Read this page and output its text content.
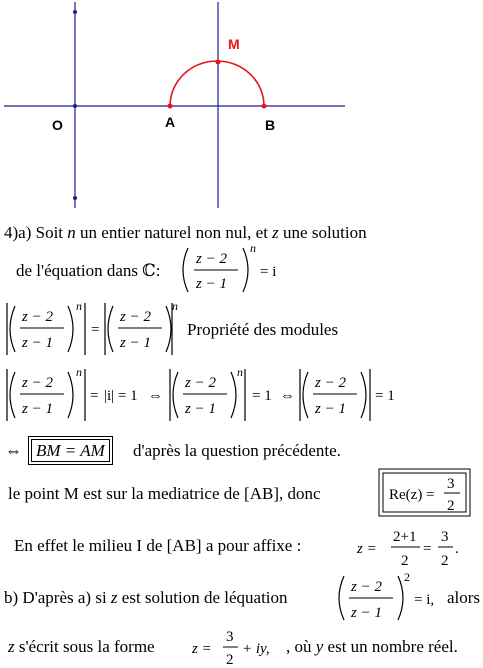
O	A	B
M
4)a) Soit n un entier naturel non nul, et z une solution
de l'équation dans ℂ:
z − 2
z − 1
n
= i
z − 2
z − 1
n
=
z − 2
z − 1
n
Propriété des modules
z − 2
z − 1
n
= |i| = 1 ⇔
z − 2
z − 1
n
= 1 ⇔
z − 2
z − 1
= 1
⇔ BM = AM d'après la question précédente.
le point M est sur la mediatrice de [AB], donc	Re(z) =
3
2
En effet le milieu I de [AB] a pour affixe :	z =
2+1
2
=
3
2
.
b) D'après a) si z est solution de léquation
z − 2
z − 1
2
= i, alors
z s'écrit sous la forme z =
3
2
+ iy, , où y est un nombre réel.
